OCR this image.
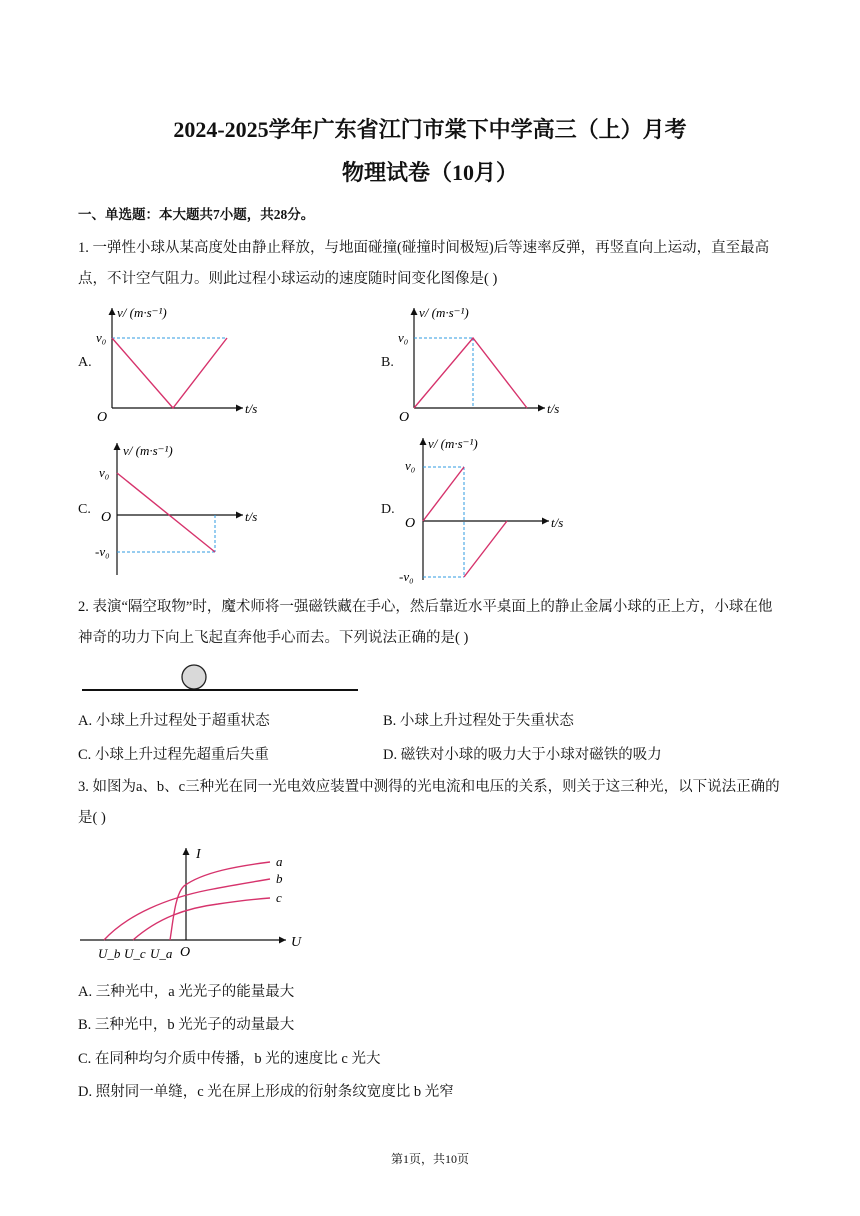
2024-2025学年广东省江门市棠下中学高三（上）月考
物理试卷（10月）
一、单选题：本大题共7小题，共28分。
1. 一弹性小球从某高度处由静止释放，与地面碰撞(碰撞时间极短)后等速率反弹，再竖直向上运动，直至最高点，不计空气阻力。则此过程小球运动的速度随时间变化图像是( )
A.	B.
C.	D.
v/ (m·s⁻¹)
v₀
O
t/s
v/ (m·s⁻¹)
v₀
O
t/s
v/ (m·s⁻¹)
v₀
O
-v₀
t/s
v/ (m·s⁻¹)
v₀
O
-v₀
t/s
2. 表演“隔空取物”时，魔术师将一强磁铁藏在手心，然后靠近水平桌面上的静止金属小球的正上方，小球在他神奇的功力下向上飞起直奔他手心而去。下列说法正确的是( )
A. 小球上升过程处于超重状态	B. 小球上升过程处于失重状态
C. 小球上升过程先超重后失重	D. 磁铁对小球的吸力大于小球对磁铁的吸力
3. 如图为a、b、c三种光在同一光电效应装置中测得的光电流和电压的关系，则关于这三种光，以下说法正确的是( )
I
U
O
a
b
c
U_b U_c U_a
A. 三种光中，a 光光子的能量最大
B. 三种光中，b 光光子的动量最大
C. 在同种均匀介质中传播，b 光的速度比 c 光大
D. 照射同一单缝，c 光在屏上形成的衍射条纹宽度比 b 光窄
第1页，共10页
